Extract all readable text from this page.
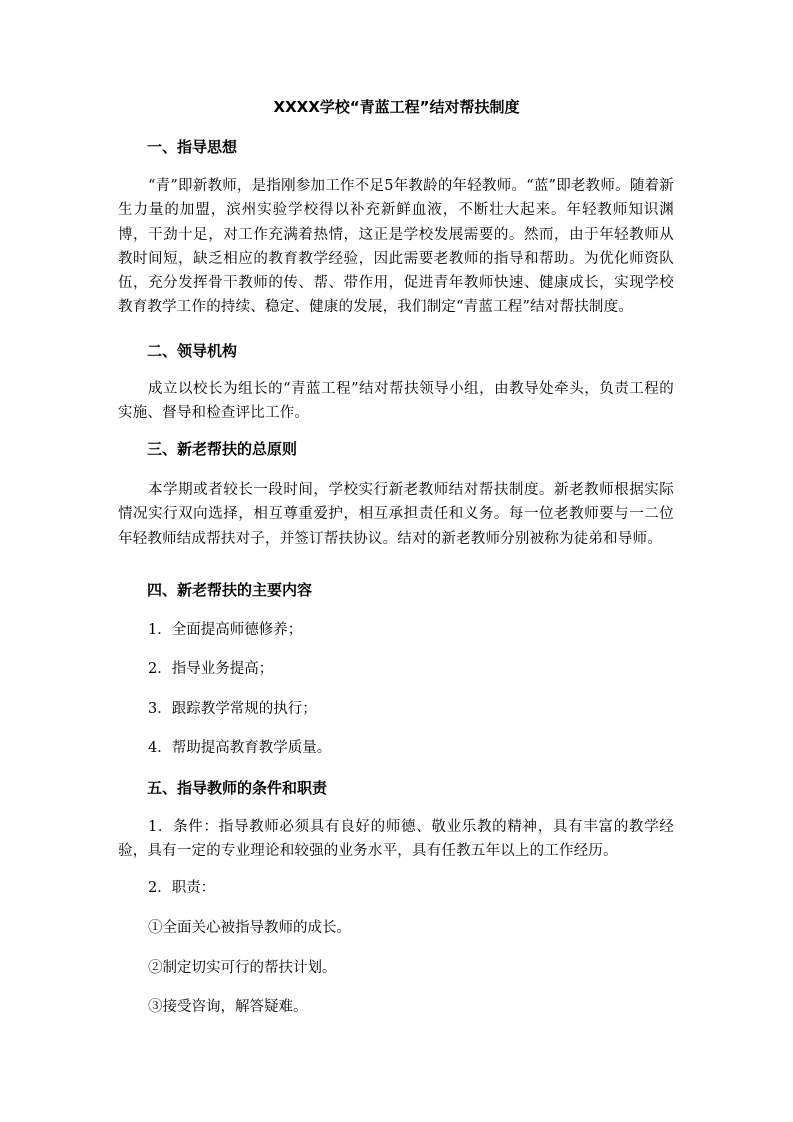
XXXX学校“青蓝工程”结对帮扶制度
一、指导思想
“青”即新教师，是指刚参加工作不足5年教龄的年轻教师。“蓝”即老教师。随着新生力量的加盟，滨州实验学校得以补充新鲜血液，不断壮大起来。年轻教师知识渊博，干劲十足，对工作充满着热情，这正是学校发展需要的。然而，由于年轻教师从教时间短，缺乏相应的教育教学经验，因此需要老教师的指导和帮助。为优化师资队伍，充分发挥骨干教师的传、帮、带作用，促进青年教师快速、健康成长，实现学校教育教学工作的持续、稳定、健康的发展，我们制定“青蓝工程”结对帮扶制度。
二、领导机构
成立以校长为组长的“青蓝工程”结对帮扶领导小组，由教导处牵头，负责工程的实施、督导和检查评比工作。
三、新老帮扶的总原则
本学期或者较长一段时间，学校实行新老教师结对帮扶制度。新老教师根据实际情况实行双向选择，相互尊重爱护，相互承担责任和义务。每一位老教师要与一二位年轻教师结成帮扶对子，并签订帮扶协议。结对的新老教师分别被称为徒弟和导师。
四、新老帮扶的主要内容
1．全面提高师德修养；
2．指导业务提高；
3．跟踪教学常规的执行；
4．帮助提高教育教学质量。
五、指导教师的条件和职责
1．条件：指导教师必须具有良好的师德、敬业乐教的精神，具有丰富的教学经验，具有一定的专业理论和较强的业务水平，具有任教五年以上的工作经历。
2．职责：
①全面关心被指导教师的成长。
②制定切实可行的帮扶计划。
③接受咨询，解答疑难。
